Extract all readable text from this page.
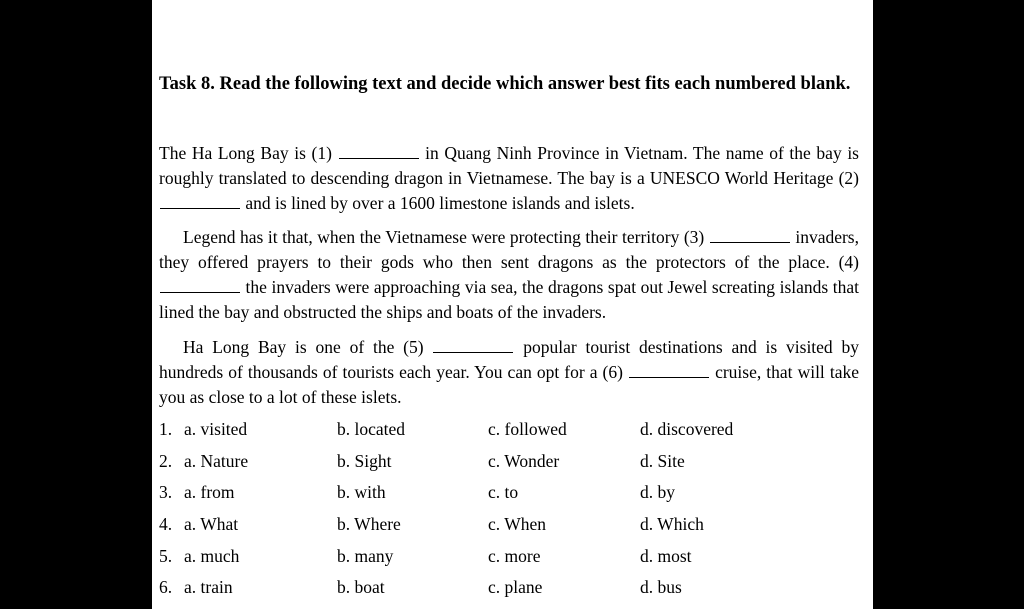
Task 8. Read the following text and decide which answer best fits each numbered blank.
The Ha Long Bay is (1)	in Quang Ninh Province in Vietnam. The name of the bay is roughly translated to descending dragon in Vietnamese. The bay is a UNESCO World Heritage (2)  and is lined by over a 1600 limestone islands and islets.
Legend has it that, when the Vietnamese were protecting their territory (3)	invaders, they offered prayers to their gods who then sent dragons as the protectors of the place. (4)  the invaders were approaching via sea, the dragons spat out Jewel screating islands that lined the bay and obstructed the ships and boats of the invaders.
Ha Long Bay is one of the (5)	popular tourist destinations and is visited by hundreds of thousands of tourists each year. You can opt for a (6)	cruise, that will take you as close to a lot of these islets.
1. a. visited	b. located	c. followed	d. discovered
2. a. Nature	b. Sight	c. Wonder	d. Site
3. a. from	b. with	c. to	d. by
4. a. What	b. Where	c. When	d. Which
5. a. much	b. many	c. more	d. most
6. a. train	b. boat	c. plane	d. bus
